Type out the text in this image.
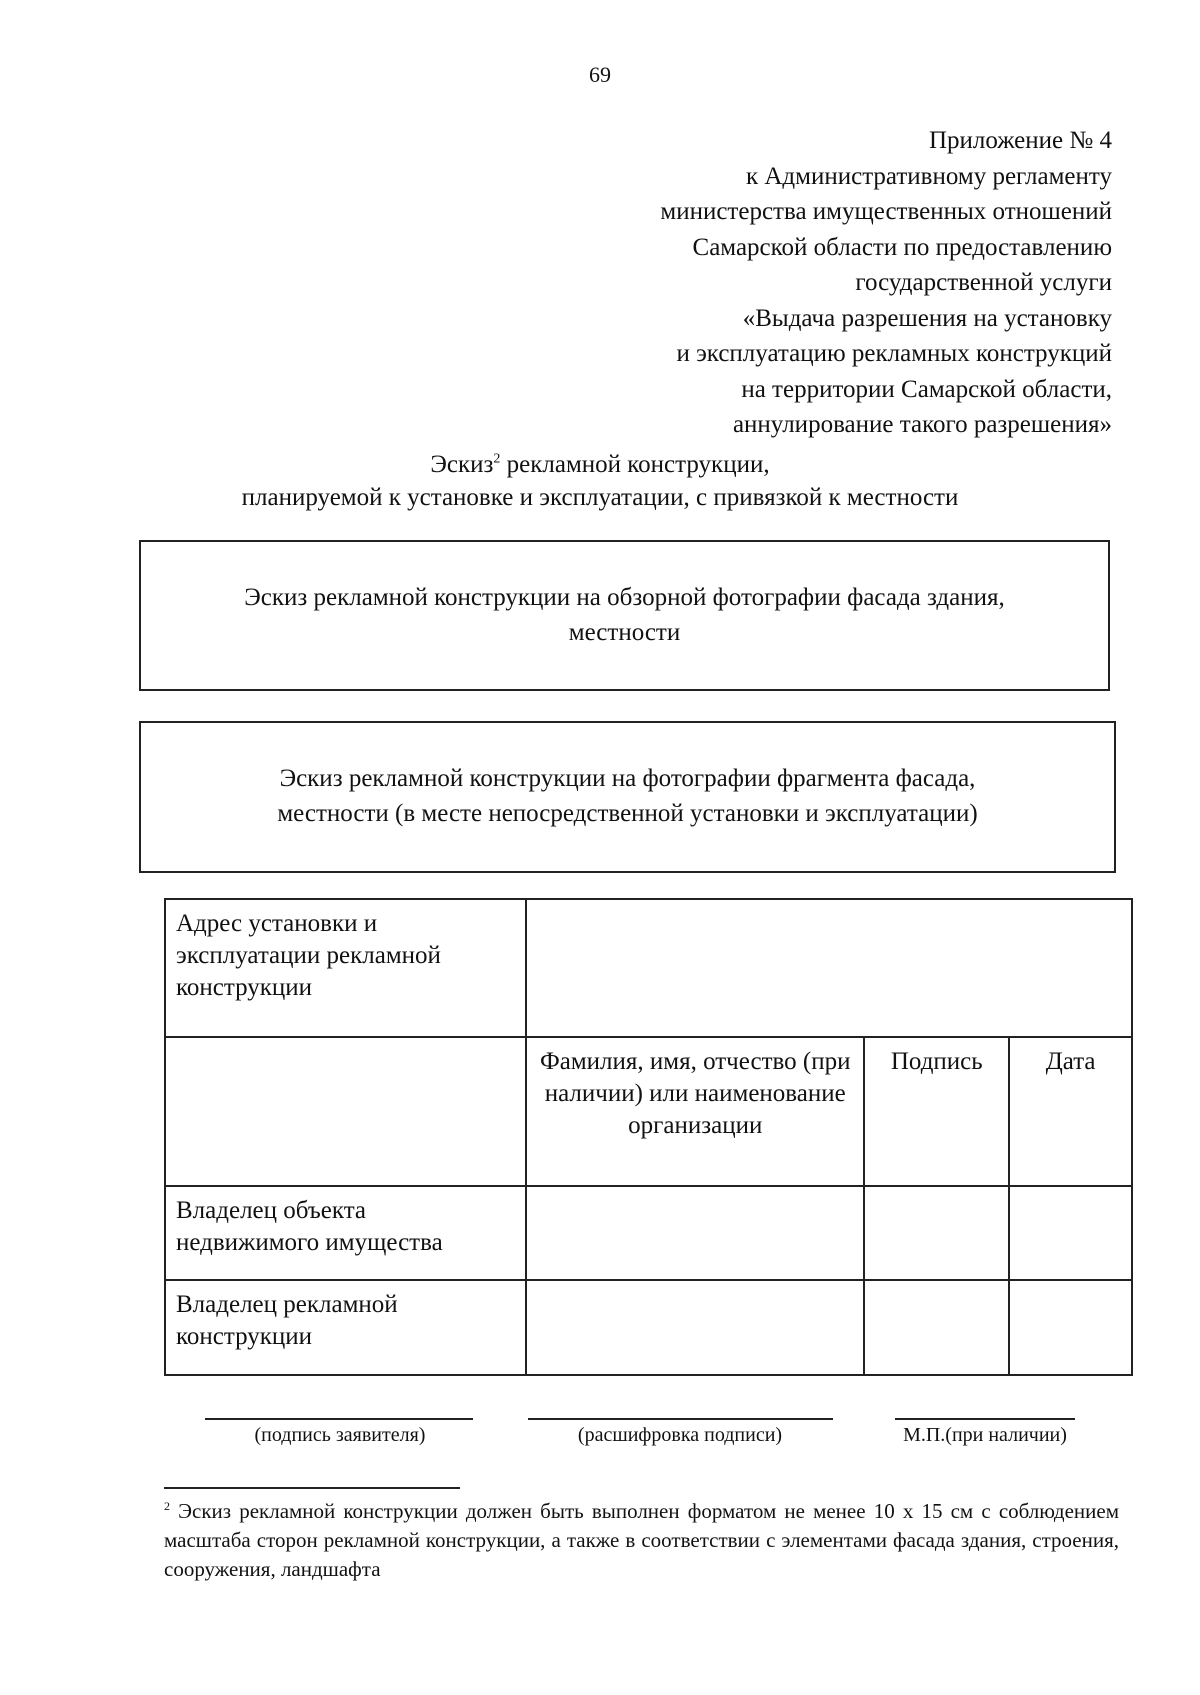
69
Приложение № 4
к Административному регламенту
министерства имущественных отношений
Самарской области по предоставлению
государственной услуги
«Выдача разрешения на установку
и эксплуатацию рекламных конструкций
на территории Самарской области,
аннулирование такого разрешения»
Эскиз$^2$ рекламной конструкции,
планируемой к установке и эксплуатации, с привязкой к местности
Эскиз рекламной конструкции на обзорной фотографии фасада здания,
местности
Эскиз рекламной конструкции на фотографии фрагмента фасада,
местности (в месте непосредственной установки и эксплуатации)
Адрес установки и эксплуатации рекламной конструкции			
	Фамилия, имя, отчество (при наличии) или наименование организации	Подпись	Дата
Владелец объекта недвижимого имущества			
Владелец рекламной конструкции			
(подпись заявителя)	(расшифровка подписи)	М.П.(при наличии)
$^2$ Эскиз рекламной конструкции должен быть выполнен форматом не менее 10 х 15 см с соблюдением масштаба сторон рекламной конструкции, а также в соответствии с элементами фасада здания, строения, сооружения, ландшафта
